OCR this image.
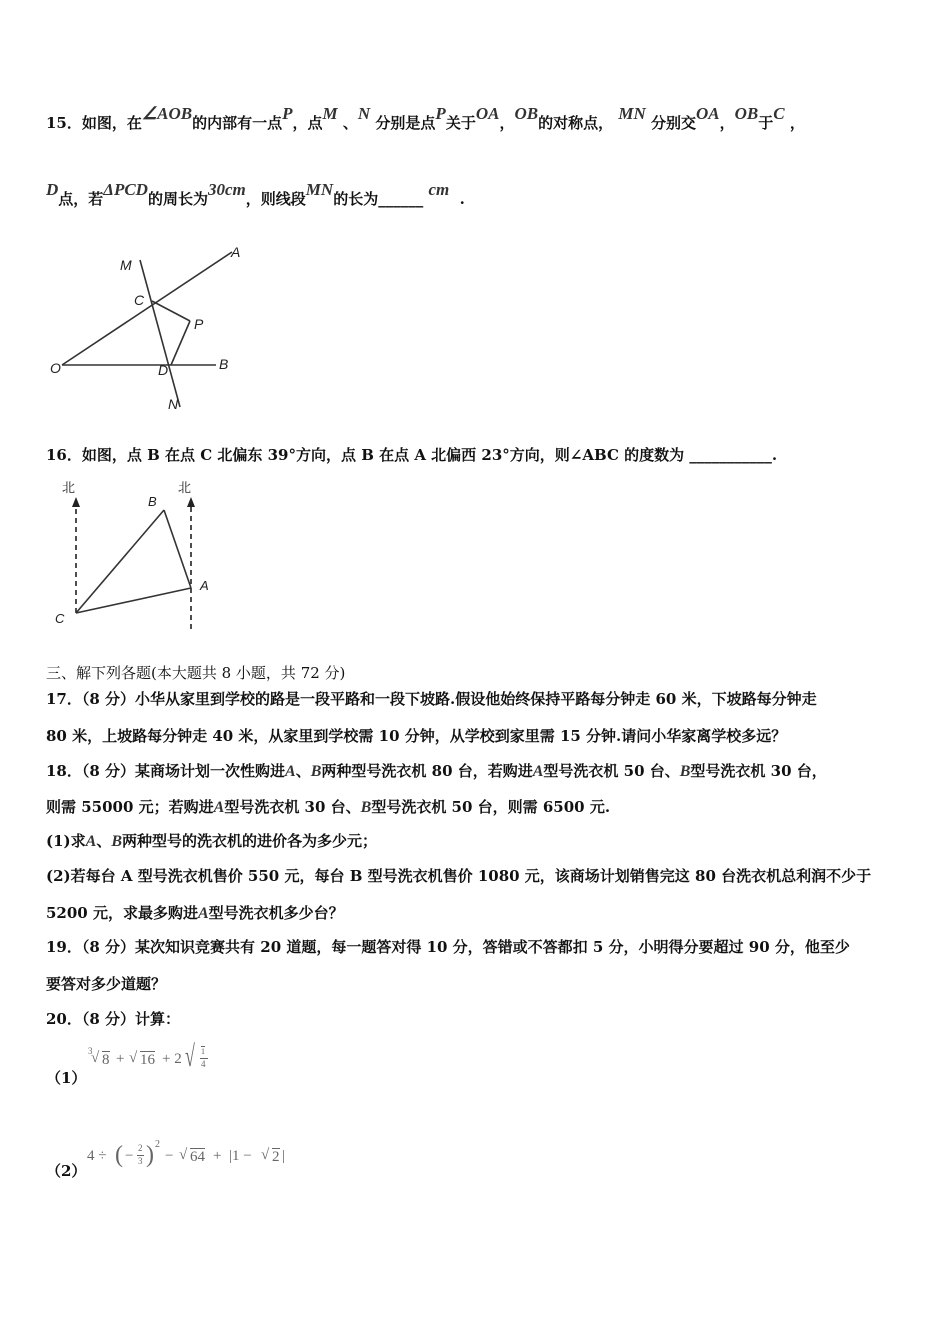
15．如图，在∠AOB的内部有一点P，点M 、N 分别是点P关于OA，OB的对称点， MN 分别交OA，OB于C ，
D点，若ΔPCD的周长为30cm，则线段MN的长为______ cm .
M
A
C
P
O	D	B
N
16．如图，点 B 在点 C 北偏东 39°方向，点 B 在点 A 北偏西 23°方向，则∠ABC 的度数为 ___________.
北	北
B
A
C
三、解下列各题(本大题共 8 小题，共 72 分)
17．（8 分）小华从家里到学校的路是一段平路和一段下坡路.假设他始终保持平路每分钟走 60 米，下坡路每分钟走
80 米，上坡路每分钟走 40 米，从家里到学校需 10 分钟，从学校到家里需 15 分钟.请问小华家离学校多远？
18．（8 分）某商场计划一次性购进A、B两种型号洗衣机 80 台，若购进A型号洗衣机 50 台、B型号洗衣机 30 台，
则需 55000 元；若购进A型号洗衣机 30 台、B型号洗衣机 50 台，则需 6500 元.
(1)求A、B两种型号的洗衣机的进价各为多少元；
(2)若每台 A 型号洗衣机售价 550 元，每台 B 型号洗衣机售价 1080 元，该商场计划销售完这 80 台洗衣机总利润不少于
5200 元，求最多购进A型号洗衣机多少台？
19．（8 分）某次知识竞赛共有 20 道题，每一题答对得 10 分，答错或不答都扣 5 分，小明得分要超过 90 分，他至少
要答对多少道题？
20．（8 分）计算：
（1）
3
√ 8 + √ 16 + 2 √ 1
4
（2）
4 ÷ ( − 2
3 ) 2
− √ 64 + |1 − √ 2 |
